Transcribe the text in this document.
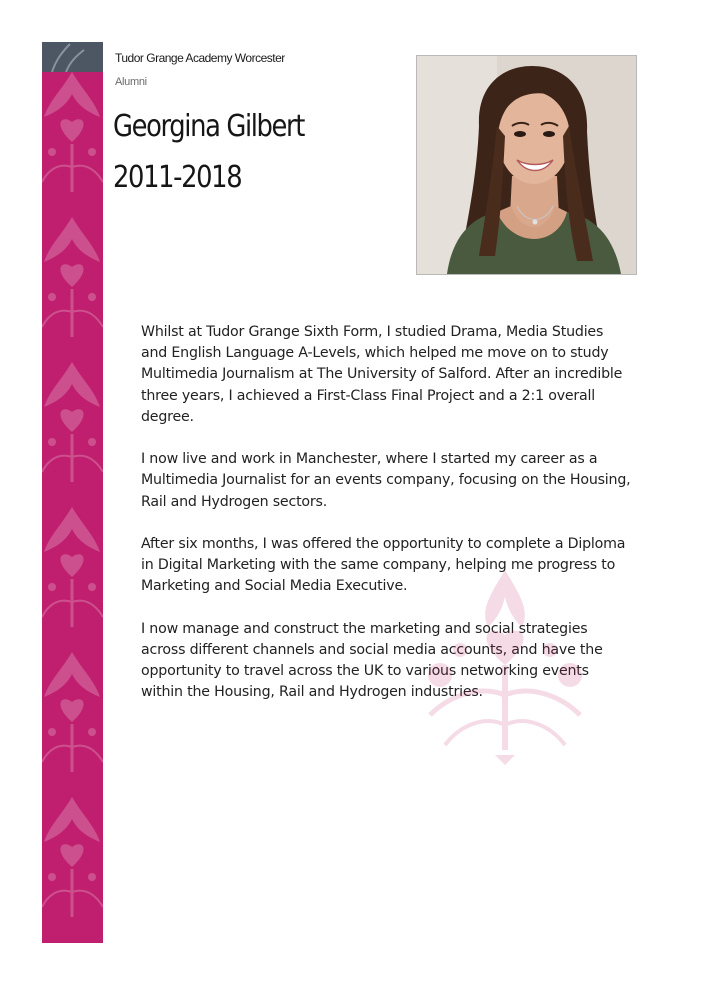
Tudor Grange Academy Worcester
Alumni
Georgina Gilbert
2011-2018

Whilst at Tudor Grange Sixth Form, I studied Drama, Media Studies and English Language A-Levels, which helped me move on to study Multimedia Journalism at The University of Salford. After an incredible three years, I achieved a First-Class Final Project and a 2:1 overall degree.

I now live and work in Manchester, where I started my career as a Multimedia Journalist for an events company, focusing on the Housing, Rail and Hydrogen sectors.

After six months, I was offered the opportunity to complete a Diploma in Digital Marketing with the same company, helping me progress to Marketing and Social Media Executive.

I now manage and construct the marketing and social strategies across different channels and social media accounts, and have the opportunity to travel across the UK to various networking events within the Housing, Rail and Hydrogen industries.
